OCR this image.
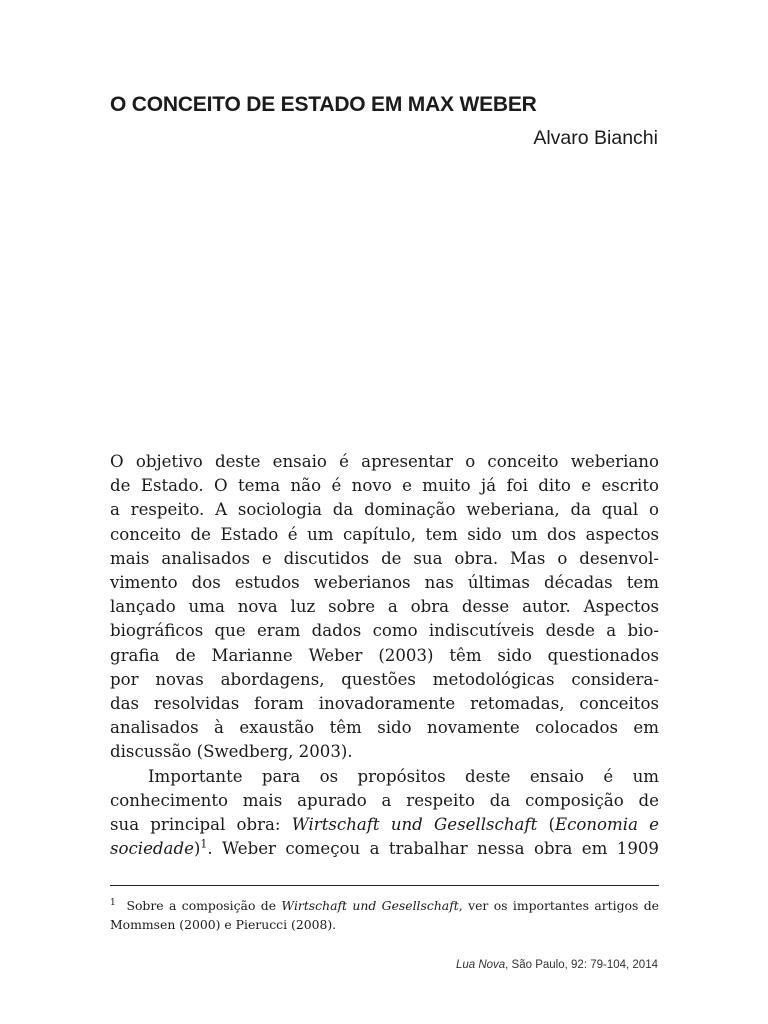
O CONCEITO DE ESTADO EM MAX WEBER

Alvaro Bianchi

O objetivo deste ensaio é apresentar o conceito weberiano
de Estado. O tema não é novo e muito já foi dito e escrito
a respeito. A sociologia da dominação weberiana, da qual o
conceito de Estado é um capítulo, tem sido um dos aspectos
mais analisados e discutidos de sua obra. Mas o desenvol-
vimento dos estudos weberianos nas últimas décadas tem
lançado uma nova luz sobre a obra desse autor. Aspectos
biográficos que eram dados como indiscutíveis desde a bio-
grafia de Marianne Weber (2003) têm sido questionados
por novas abordagens, questões metodológicas considera-
das resolvidas foram inovadoramente retomadas, conceitos
analisados à exaustão têm sido novamente colocados em
discussão (Swedberg, 2003).
Importante para os propósitos deste ensaio é um
conhecimento mais apurado a respeito da composição de
sua principal obra: Wirtschaft und Gesellschaft (Economia e
sociedade)$^1$. Weber começou a trabalhar nessa obra em 1909
$^1$ Sobre a composição de Wirtschaft und Gesellschaft, ver os importantes artigos de
Mommsen (2000) e Pierucci (2008).

Lua Nova, São Paulo, 92: 79-104, 2014
